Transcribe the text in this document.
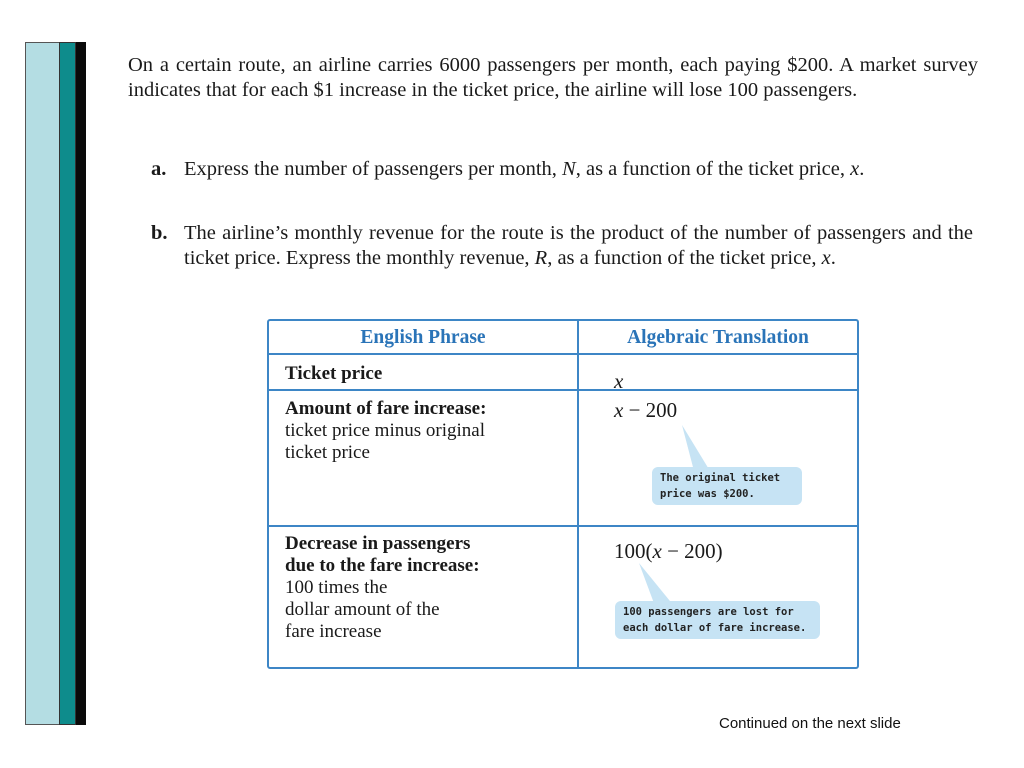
On a certain route, an airline carries 6000 passengers per month, each paying $200. A market survey indicates that for each $1 increase in the ticket price, the airline will lose 100 passengers.
a. Express the number of passengers per month, N, as a function of the ticket price, x.
b. The airline’s monthly revenue for the route is the product of the number of passengers and the ticket price. Express the monthly revenue, R, as a function of the ticket price, x.
English Phrase	Algebraic Translation
Ticket price	x
Amount of fare increase:
ticket price minus original
ticket price
x − 200
The original ticket
price was $200.
Decrease in passengers
due to the fare increase:
100 times the
dollar amount of the
fare increase
100(x − 200)
100 passengers are lost for
each dollar of fare increase.
Continued on the next slide
